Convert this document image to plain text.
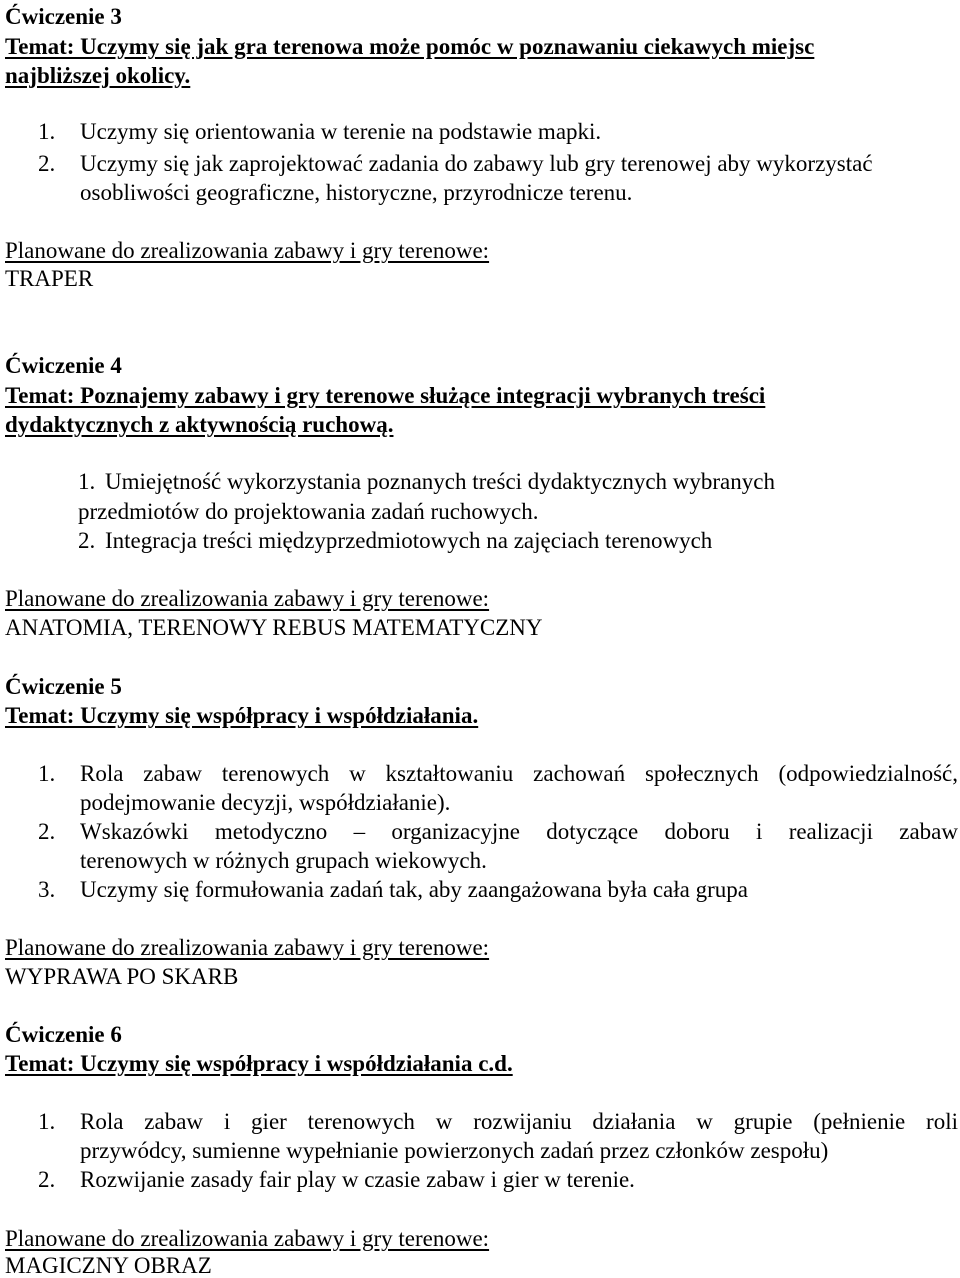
Ćwiczenie 3
Temat: Uczymy się jak gra terenowa może pomóc w poznawaniu ciekawych miejsc
najbliższej okolicy.
1. Uczymy się orientowania w terenie na podstawie mapki.
2. Uczymy się jak zaprojektować zadania do zabawy lub gry terenowej aby wykorzystać
osobliwości geograficzne, historyczne, przyrodnicze terenu.
Planowane do zrealizowania zabawy i gry terenowe:
TRAPER
Ćwiczenie 4
Temat: Poznajemy zabawy i gry terenowe służące integracji wybranych treści
dydaktycznych z aktywnością ruchową.
1. Umiejętność wykorzystania poznanych treści dydaktycznych wybranych
przedmiotów do projektowania zadań ruchowych.
2. Integracja treści międzyprzedmiotowych na zajęciach terenowych
Planowane do zrealizowania zabawy i gry terenowe:
ANATOMIA, TERENOWY REBUS MATEMATYCZNY
Ćwiczenie 5
Temat: Uczymy się współpracy i współdziałania.
1. Rola zabaw terenowych w kształtowaniu zachowań społecznych (odpowiedzialność,
podejmowanie decyzji, współdziałanie).
2. Wskazówki metodyczno – organizacyjne dotyczące doboru i realizacji zabaw
terenowych w różnych grupach wiekowych.
3. Uczymy się formułowania zadań tak, aby zaangażowana była cała grupa
Planowane do zrealizowania zabawy i gry terenowe:
WYPRAWA PO SKARB
Ćwiczenie 6
Temat: Uczymy się współpracy i współdziałania c.d.
1. Rola zabaw i gier terenowych w rozwijaniu działania w grupie (pełnienie roli
przywódcy, sumienne wypełnianie powierzonych zadań przez członków zespołu)
2. Rozwijanie zasady fair play w czasie zabaw i gier w terenie.
Planowane do zrealizowania zabawy i gry terenowe:
MAGICZNY OBRAZ
